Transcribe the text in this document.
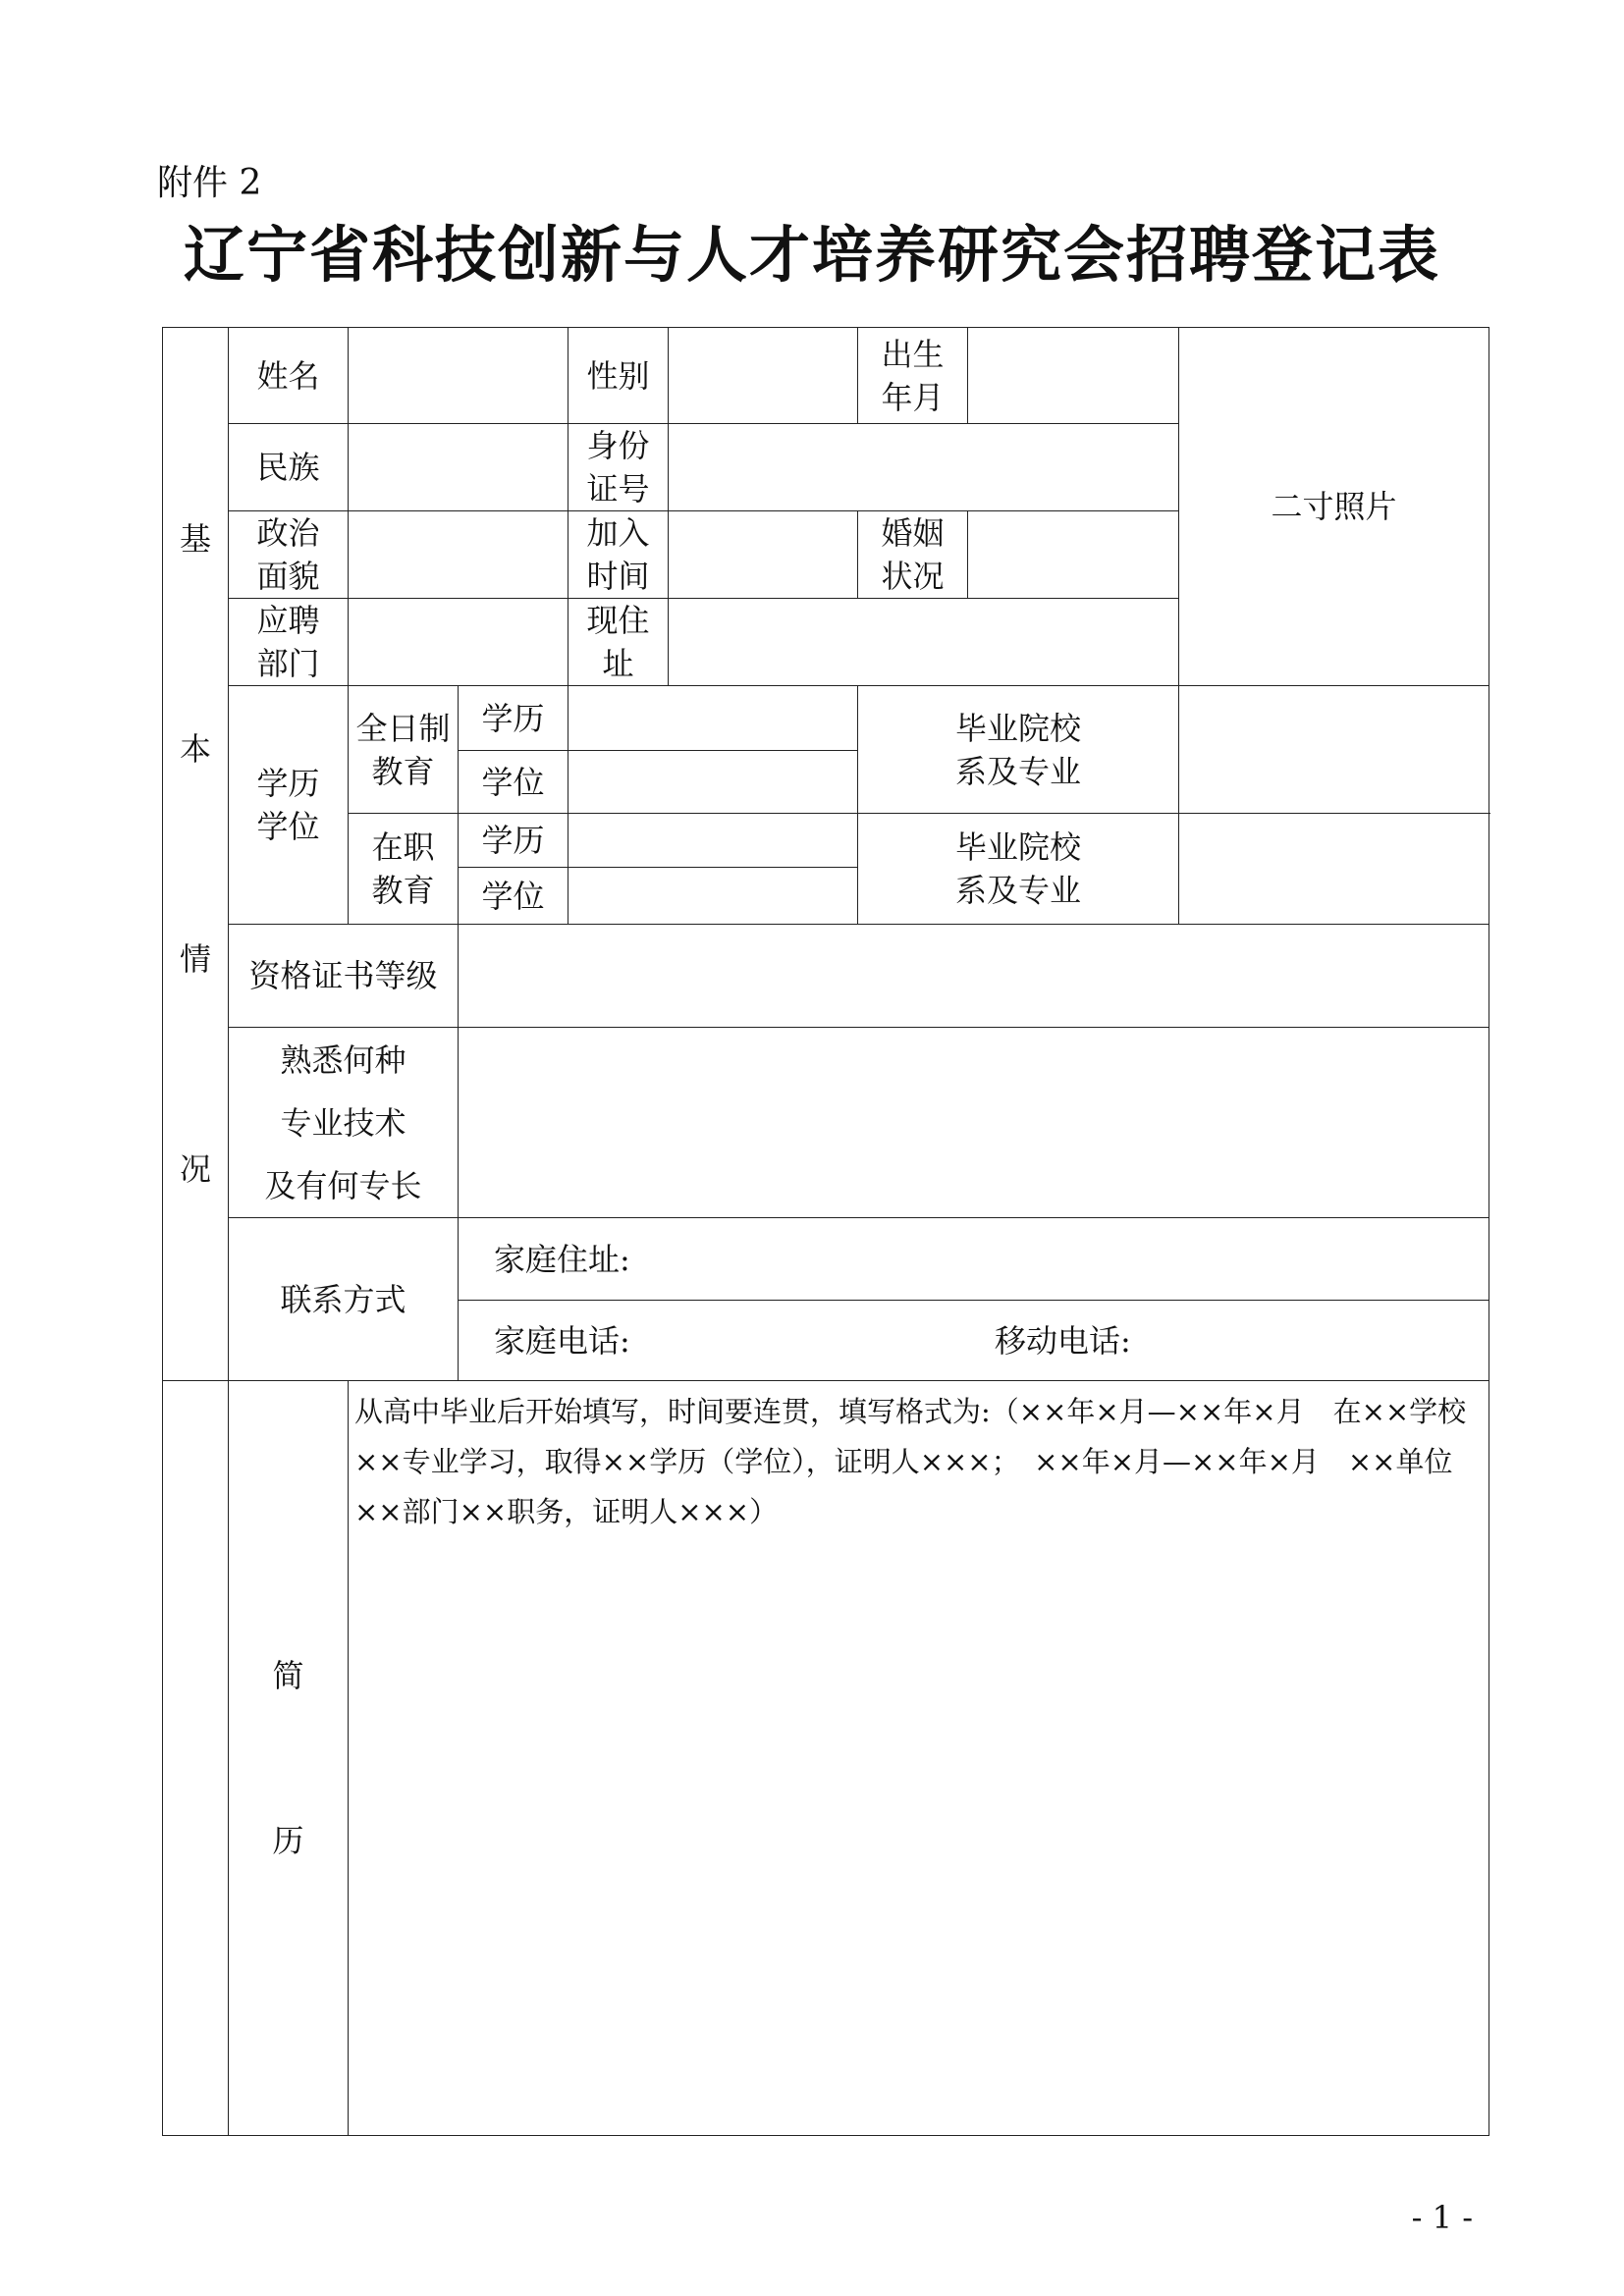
附件 2
辽宁省科技创新与人才培养研究会招聘登记表
基
本
情
况	姓名			性别		出生年月		二寸照片
	民族			身份证号				

	政治面貌			加入时间		婚姻状况		

	应聘部门			现住址				

	学历学位	全日制教育	学历			毕业院校系及专业		

			学位					

		在职教育	学历			毕业院校系及专业		

			学位					
	资格证书等级							

	熟悉何种
专业技术
及有何专长							

	联系方式		家庭住址:					

			家庭电话: 移动电话:					

	简
历	从高中毕业后开始填写，时间要连贯，填写格式为:（××年×月—××年×月　在××学校××专业学习，取得××学历（学位），证明人×××；　××年×月—××年×月　××单位××部门××职务，证明人×××）						
- 1 -
